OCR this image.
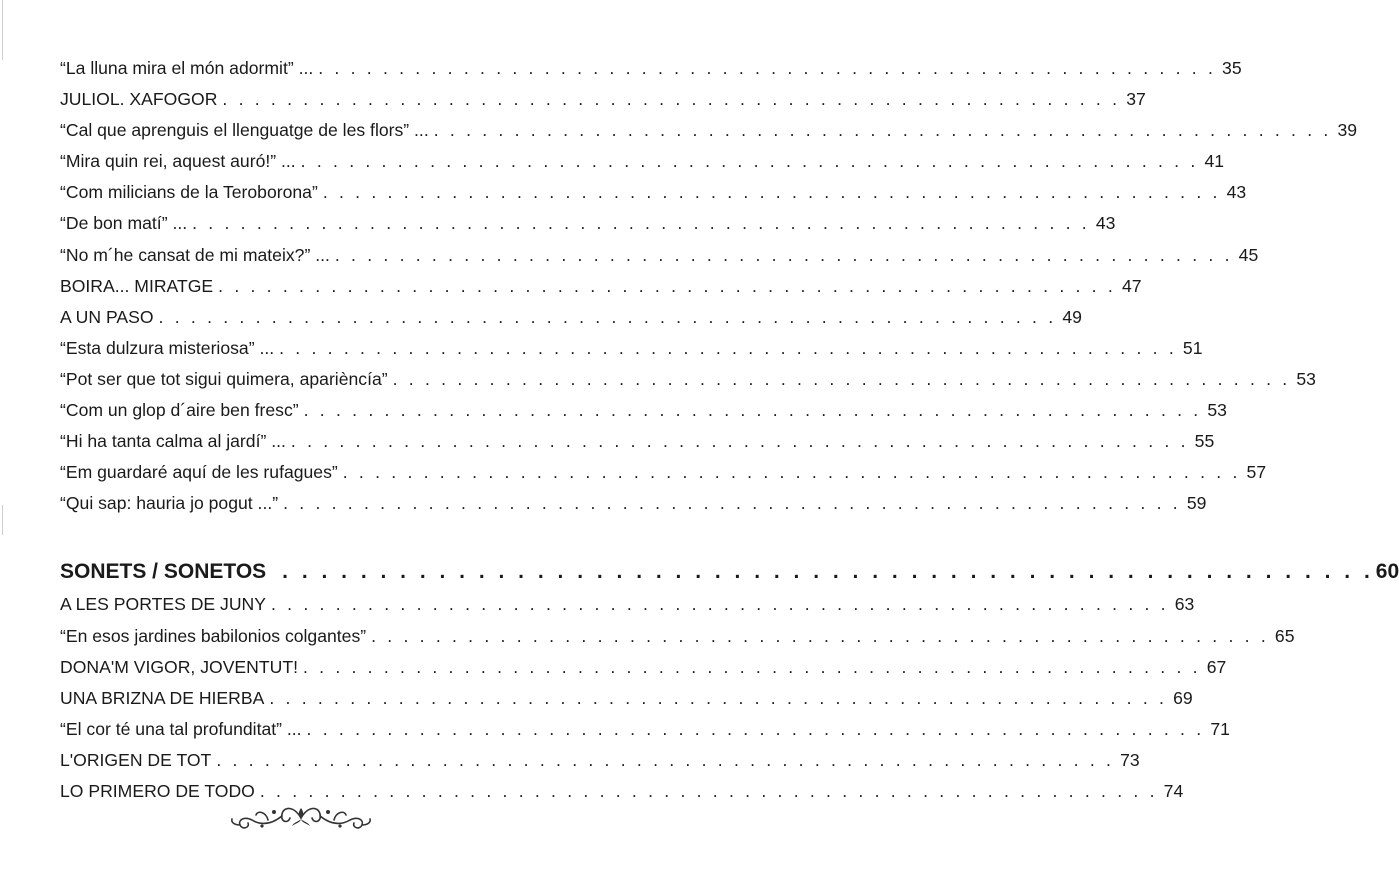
“La lluna mira el món adormit” ... . . . . . . . . . . . . . . . . . . . . . . . . . . . . . . . . . . . . . . . . . . . . . . . . . . . . . . . . 35
JULIOL. XAFOGOR . . . . . . . . . . . . . . . . . . . . . . . . . . . . . . . . . . . . . . . . . . . . . . . . . . . . . . . . 37
“Cal que aprenguis el llenguatge de les flors” ... . . . . . . . . . . . . . . . . . . . . . . . . . . . . . . . . . . . . . . . . . . . . . . . . . . . . . . . . 39
“Mira quin rei, aquest auró!” ... . . . . . . . . . . . . . . . . . . . . . . . . . . . . . . . . . . . . . . . . . . . . . . . . . . . . . . . . 41
“Com milicians de la Teroborona” . . . . . . . . . . . . . . . . . . . . . . . . . . . . . . . . . . . . . . . . . . . . . . . . . . . . . . . . 43
“De bon matí” ... . . . . . . . . . . . . . . . . . . . . . . . . . . . . . . . . . . . . . . . . . . . . . . . . . . . . . . . . 43
“No m´he cansat de mi mateix?” ... . . . . . . . . . . . . . . . . . . . . . . . . . . . . . . . . . . . . . . . . . . . . . . . . . . . . . . . . 45
BOIRA... MIRATGE . . . . . . . . . . . . . . . . . . . . . . . . . . . . . . . . . . . . . . . . . . . . . . . . . . . . . . . . 47
A UN PASO . . . . . . . . . . . . . . . . . . . . . . . . . . . . . . . . . . . . . . . . . . . . . . . . . . . . . . . . 49
“Esta dulzura misteriosa” ... . . . . . . . . . . . . . . . . . . . . . . . . . . . . . . . . . . . . . . . . . . . . . . . . . . . . . . . . 51
“Pot ser que tot sigui quimera, aparièncía” . . . . . . . . . . . . . . . . . . . . . . . . . . . . . . . . . . . . . . . . . . . . . . . . . . . . . . . . 53
“Com un glop d´aire ben fresc” . . . . . . . . . . . . . . . . . . . . . . . . . . . . . . . . . . . . . . . . . . . . . . . . . . . . . . . . 53
“Hi ha tanta calma al jardí” ... . . . . . . . . . . . . . . . . . . . . . . . . . . . . . . . . . . . . . . . . . . . . . . . . . . . . . . . . 55
“Em guardaré aquí de les rufagues” . . . . . . . . . . . . . . . . . . . . . . . . . . . . . . . . . . . . . . . . . . . . . . . . . . . . . . . . 57
“Qui sap: hauria jo pogut ...” . . . . . . . . . . . . . . . . . . . . . . . . . . . . . . . . . . . . . . . . . . . . . . . . . . . . . . . . 59
SONETS / SONETOS . . . . . . . . . . . . . . . . . . . . . . . . . . . . . . . . . . . . . . . . . . . . . . . . . . . . . . . . 60
A LES PORTES DE JUNY . . . . . . . . . . . . . . . . . . . . . . . . . . . . . . . . . . . . . . . . . . . . . . . . . . . . . . . . 63
“En esos jardines babilonios colgantes” . . . . . . . . . . . . . . . . . . . . . . . . . . . . . . . . . . . . . . . . . . . . . . . . . . . . . . . . 65
DONA'M VIGOR, JOVENTUT! . . . . . . . . . . . . . . . . . . . . . . . . . . . . . . . . . . . . . . . . . . . . . . . . . . . . . . . . 67
UNA BRIZNA DE HIERBA . . . . . . . . . . . . . . . . . . . . . . . . . . . . . . . . . . . . . . . . . . . . . . . . . . . . . . . . 69
“El cor té una tal profunditat” ... . . . . . . . . . . . . . . . . . . . . . . . . . . . . . . . . . . . . . . . . . . . . . . . . . . . . . . . . 71
L'ORIGEN DE TOT . . . . . . . . . . . . . . . . . . . . . . . . . . . . . . . . . . . . . . . . . . . . . . . . . . . . . . . . 73
LO PRIMERO DE TODO . . . . . . . . . . . . . . . . . . . . . . . . . . . . . . . . . . . . . . . . . . . . . . . . . . . . . . . . 74
